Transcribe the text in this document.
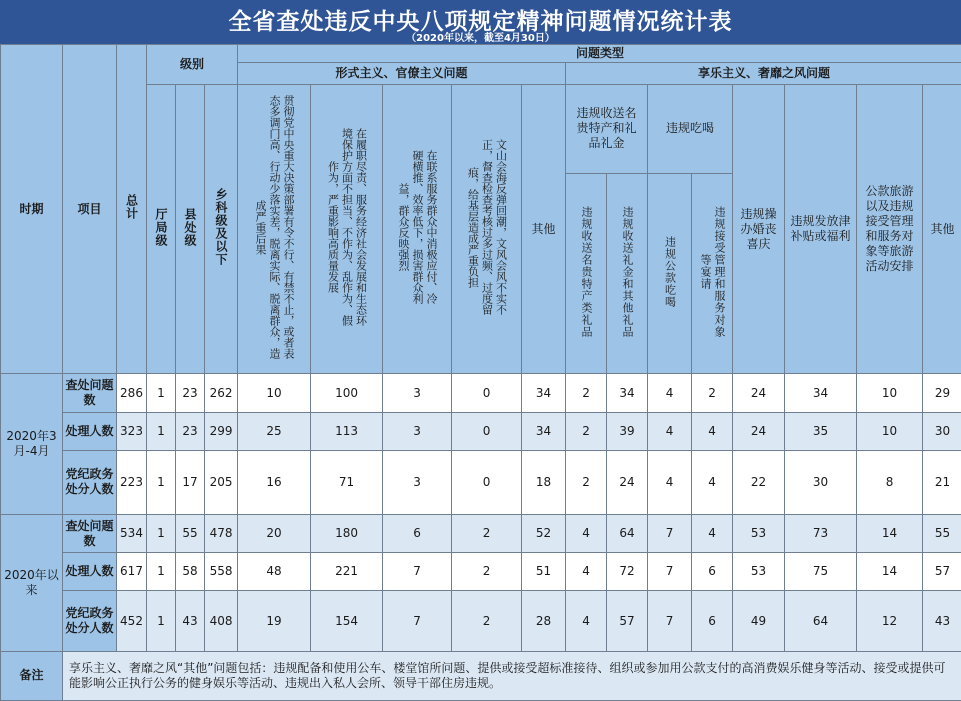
全省查处违反中央八项规定精神问题情况统计表
（2020年以来，截至4月30日）
时期	项目	总计	级别			问题类型												
						形式主义、官僚主义问题					享乐主义、奢靡之风问题							
			厅局级	县处级	乡科级及以下	贯彻党中央重大决策部署有令不行、有禁不止，或者表态多调门高、行动少落实差，脱离实际、脱离群众，造成严重后果	在履职尽责、服务经济社会发展和生态环境保护方面不担当、不作为、乱作为、假作为，严重影响高质量发展	在联系服务群众中消极应付、冷硬横推、效率低下，损害群众利益，群众反映强烈	文山会海反弹回潮，文风会风不实不正，督查检查考核过多过频、过度留痕，给基层造成严重负担	其他	违规收送名贵特产和礼品礼金		违规吃喝		违规操办婚丧喜庆	违规发放津补贴或福利	公款旅游以及违规接受管理和服务对象等旅游活动安排	其他
											违规收送名贵特产类礼品	违规收送礼金和其他礼品	违规公款吃喝	违规接受管理和服务对象等宴请				

2020年3月-4月	查处问题数	286	1	23	262	10	100	3	0	34	2	34	4	2	24	34	10	29
	处理人数	323	1	23	299	25	113	3	0	34	2	39	4	4	24	35	10	30
	党纪政务处分人数	223	1	17	205	16	71	3	0	18	2	24	4	4	22	30	8	21
2020年以来	查处问题数	534	1	55	478	20	180	6	2	52	4	64	7	4	53	73	14	55
	处理人数	617	1	58	558	48	221	7	2	51	4	72	7	6	53	75	14	57
	党纪政务处分人数	452	1	43	408	19	154	7	2	28	4	57	7	6	49	64	12	43
备注	享乐主义、奢靡之风“其他”问题包括：违规配备和使用公车、楼堂馆所问题、提供或接受超标准接待、组织或参加用公款支付的高消费娱乐健身等活动、接受或提供可能影响公正执行公务的健身娱乐等活动、违规出入私人会所、领导干部住房违规。																	
